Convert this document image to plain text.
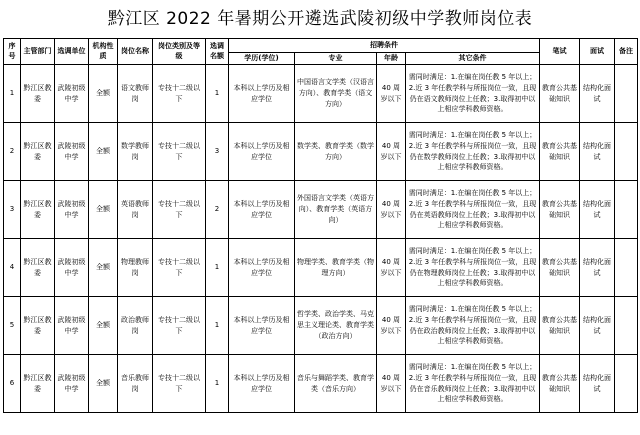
黔江区 2022 年暑期公开遴选武陵初级中学教师岗位表
序号	主管部门	选调单位	机构性质	岗位名称	岗位类别及等级	选调名额	招聘条件				笔试	面试	备注
							学历(学位)	专业	年龄	其它条件			
1	黔江区教委	武陵初级中学	全额	语文教师岗	专技十二级以下	1	本科以上学历及相应学位	中国语言文学类（汉语言方向）、教育学类（语文方向）	40 周岁以下	需同时满足：1.在编在岗任教 5 年以上；2.近 3 年任教学科与所报岗位一致，且现仍在语文教师岗位上任教；3.取得初中以上相应学科教师资格。	教育公共基础知识	结构化面试	
2	黔江区教委	武陵初级中学	全额	数学教师岗	专技十二级以下	3	本科以上学历及相应学位	数学类、教育学类（数学方向）	40 周岁以下	需同时满足：1.在编在岗任教 5 年以上；2.近 3 年任教学科与所报岗位一致，且现仍在数学教师岗位上任教；3.取得初中以上相应学科教师资格。	教育公共基础知识	结构化面试	
3	黔江区教委	武陵初级中学	全额	英语教师岗	专技十二级以下	2	本科以上学历及相应学位	外国语言文学类（英语方向）、教育学类（英语方向）	40 周岁以下	需同时满足：1.在编在岗任教 5 年以上；2.近 3 年任教学科与所报岗位一致，且现仍在英语教师岗位上任教；3.取得初中以上相应学科教师资格。	教育公共基础知识	结构化面试	
4	黔江区教委	武陵初级中学	全额	物理教师岗	专技十二级以下	1	本科以上学历及相应学位	物理学类、教育学类（物理方向）	40 周岁以下	需同时满足：1.在编在岗任教 5 年以上；2.近 3 年任教学科与所报岗位一致，且现仍在物理教师岗位上任教；3.取得初中以上相应学科教师资格。	教育公共基础知识	结构化面试	
5	黔江区教委	武陵初级中学	全额	政治教师岗	专技十二级以下	1	本科以上学历及相应学位	哲学类、政治学类、马克思主义理论类、教育学类（政治方向）	40 周岁以下	需同时满足：1.在编在岗任教 5 年以上；2.近 3 年任教学科与所报岗位一致，且现仍在政治教师岗位上任教；3.取得初中以上相应学科教师资格。	教育公共基础知识	结构化面试	
6	黔江区教委	武陵初级中学	全额	音乐教师岗	专技十二级以下	1	本科以上学历及相应学位	音乐与舞蹈学类、教育学类（音乐方向）	40 周岁以下	需同时满足：1.在编在岗任教 5 年以上；2.近 3 年任教学科与所报岗位一致，且现仍在音乐教师岗位上任教；3.取得初中以上相应学科教师资格。	教育公共基础知识	结构化面试	
